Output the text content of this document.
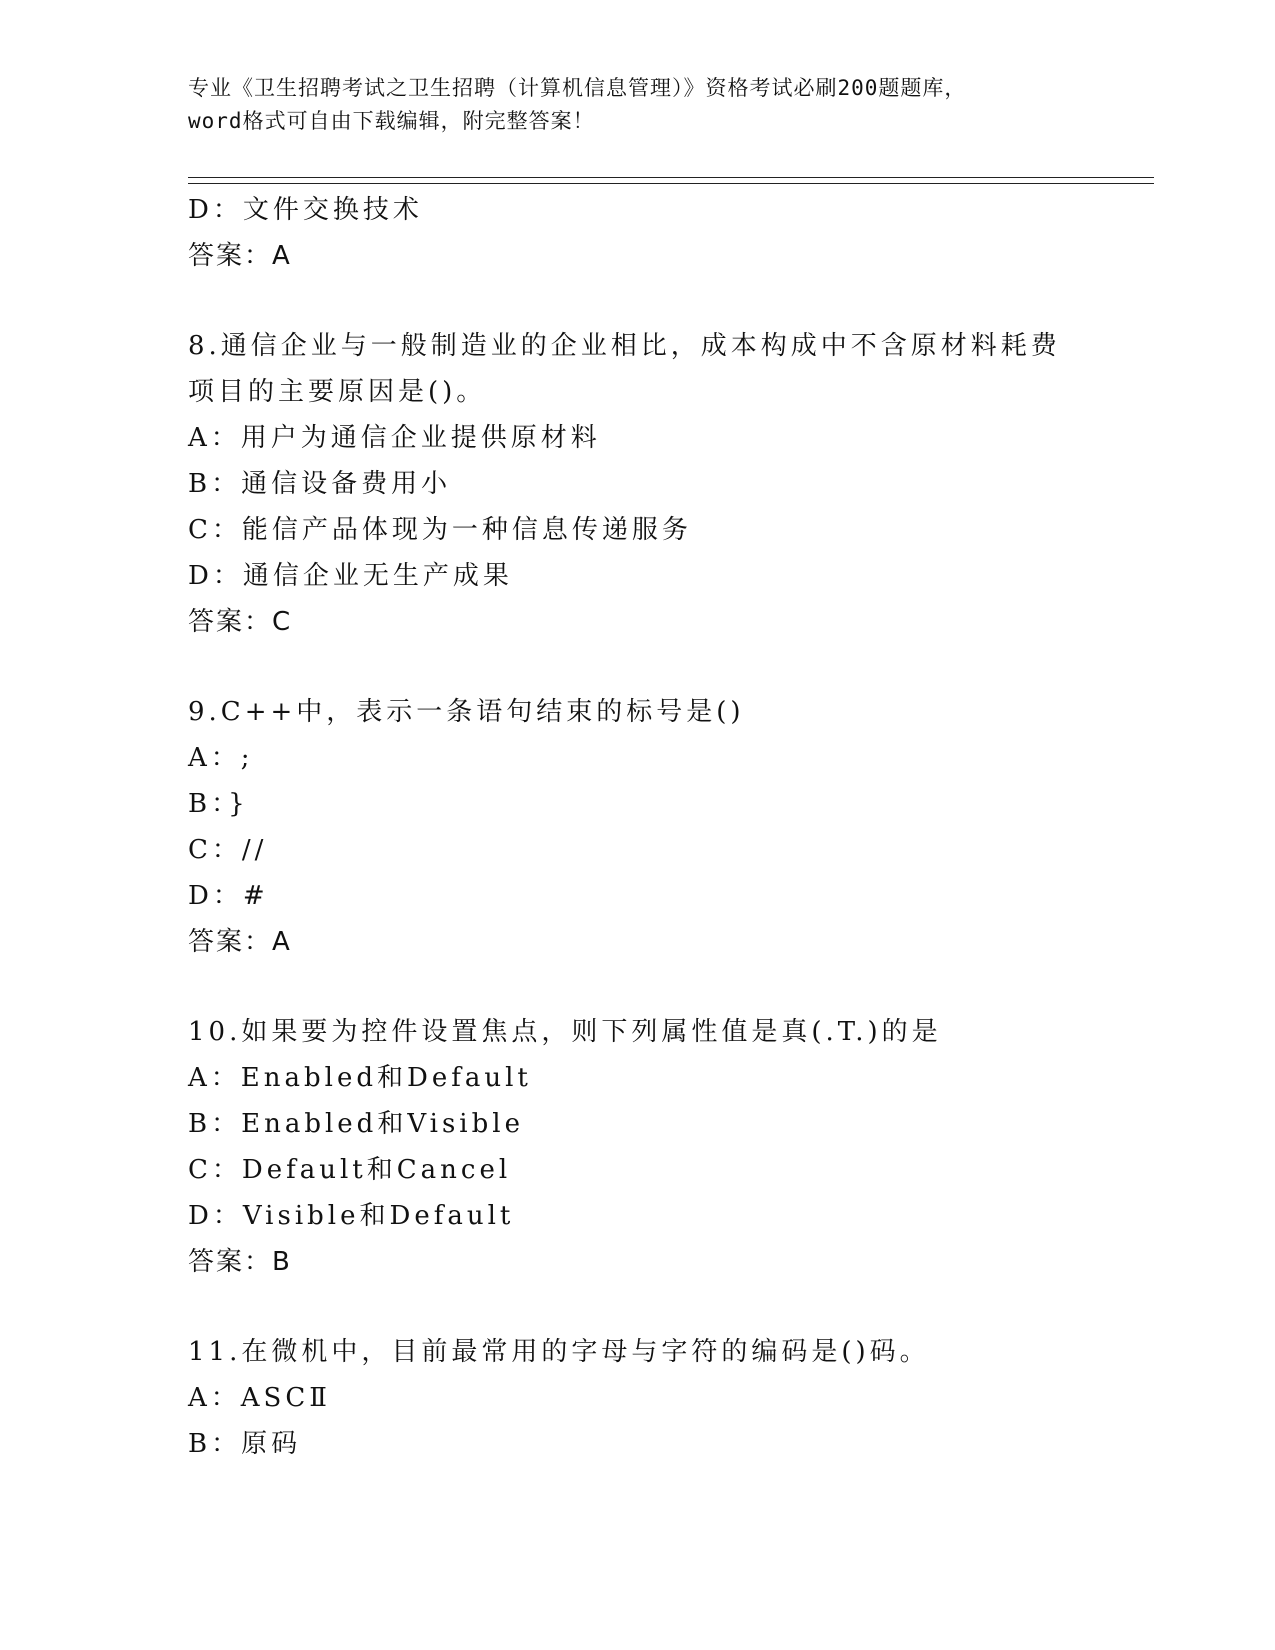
专业《卫生招聘考试之卫生招聘（计算机信息管理）》资格考试必刷200题题库，
word格式可自由下载编辑，附完整答案！
D：文件交换技术
答案：A
8.通信企业与一般制造业的企业相比，成本构成中不含原材料耗费项目的主要原因是()。
A：用户为通信企业提供原材料
B：通信设备费用小
C：能信产品体现为一种信息传递服务
D：通信企业无生产成果
答案：C
9.C++中，表示一条语句结束的标号是()
A：;
B：}
C：//
D：#
答案：A
10.如果要为控件设置焦点，则下列属性值是真(.T.)的是
A：Enabled和Default
B：Enabled和Visible
C：Default和Cancel
D：Visible和Default
答案：B
11.在微机中，目前最常用的字母与字符的编码是()码。
A：ASCⅡ
B：原码
